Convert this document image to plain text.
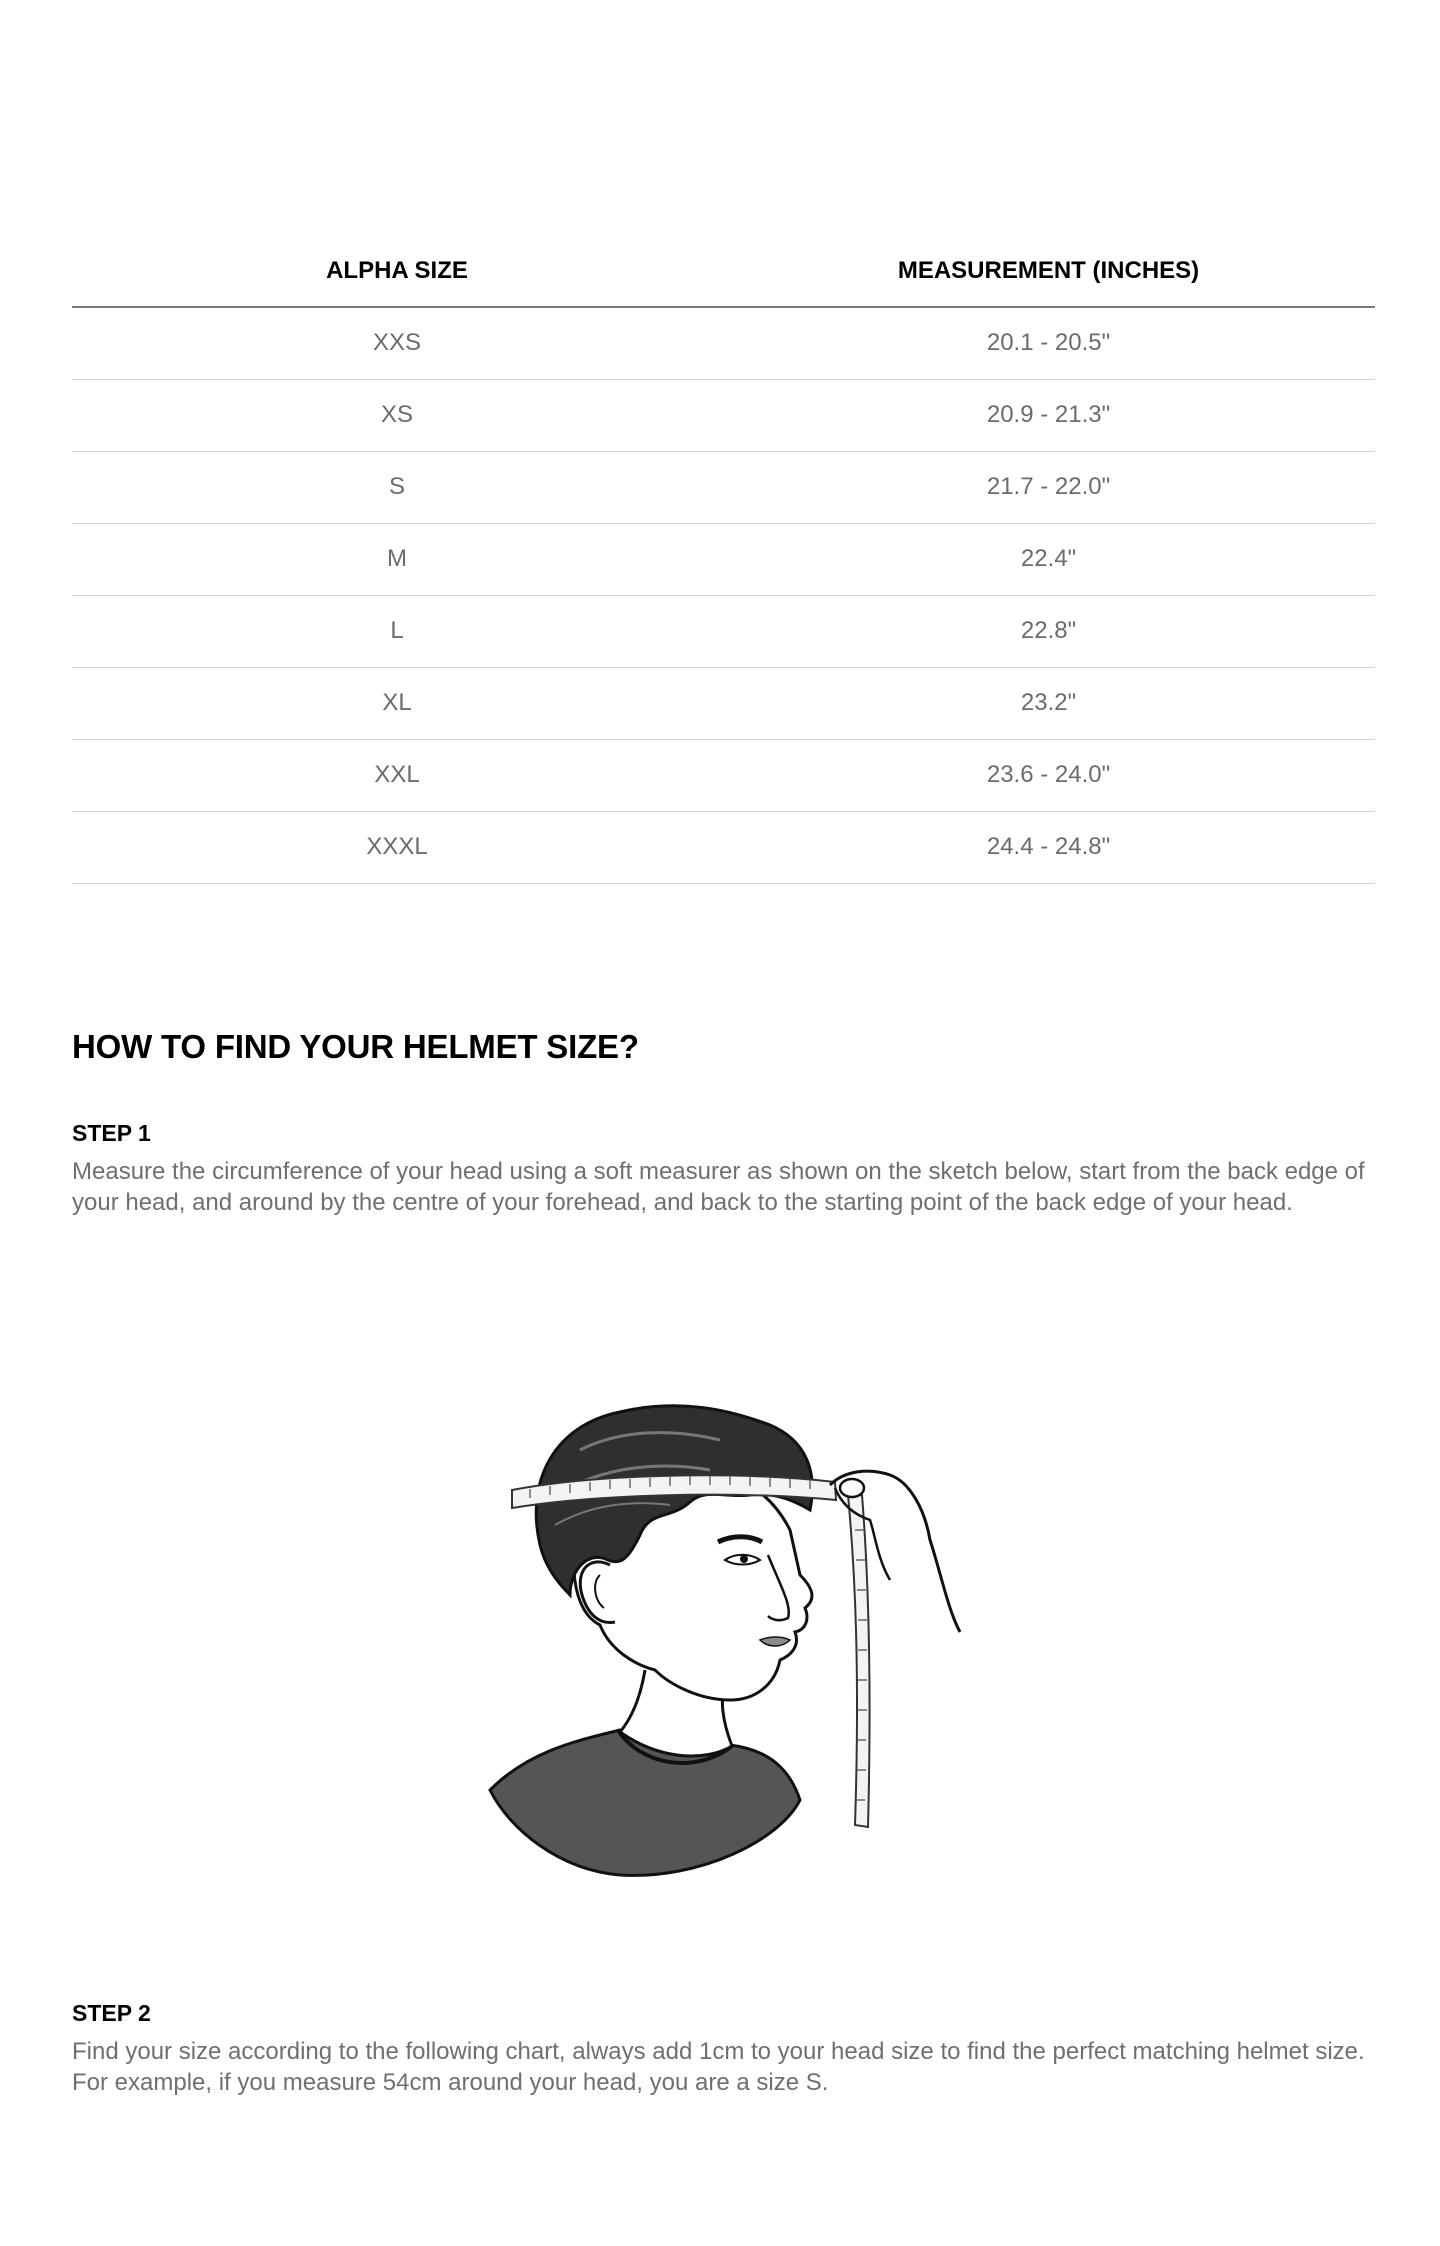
ALPHA SIZE	MEASUREMENT (INCHES)
XXS	20.1 - 20.5"
XS	20.9 - 21.3"
S	21.7 - 22.0"
M	22.4"
L	22.8"
XL	23.2"
XXL	23.6 - 24.0"
XXXL	24.4 - 24.8"
HOW TO FIND YOUR HELMET SIZE?
STEP 1

Measure the circumference of your head using a soft measurer as shown on the sketch below, start from the back edge of your head, and around by the centre of your forehead, and back to the starting point of the back edge of your head.

STEP 2

Find your size according to the following chart, always add 1cm to your head size to find the perfect matching helmet size. For example, if you measure 54cm around your head, you are a size S.
